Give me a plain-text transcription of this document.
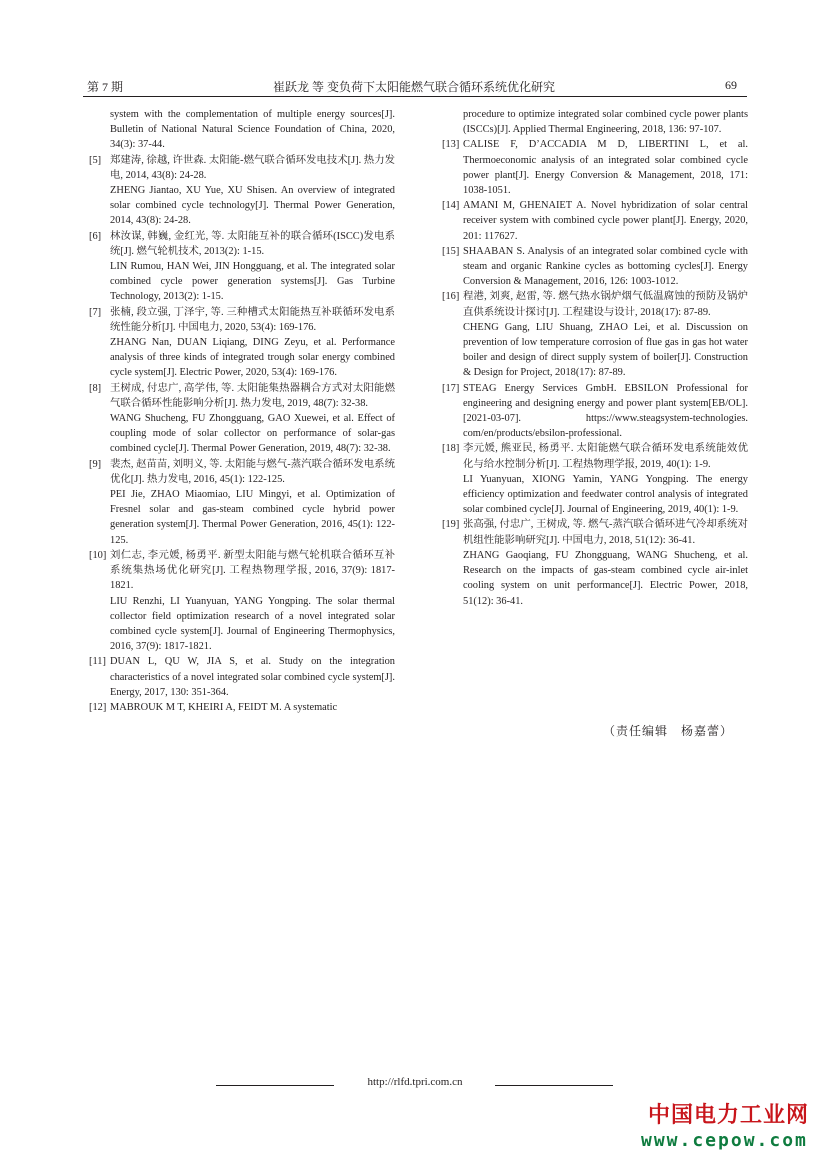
第 7 期	崔跃龙 等 变负荷下太阳能燃气联合循环系统优化研究	69

system with the complementation of multiple energy sources[J]. Bulletin of National Natural Science Foundation of China, 2020, 34(3): 37-44.

[5] 郑建涛, 徐越, 许世森. 太阳能-燃气联合循环发电技术[J]. 热力发电, 2014, 43(8): 24-28.

ZHENG Jiantao, XU Yue, XU Shisen. An overview of integrated solar combined cycle technology[J]. Thermal Power Generation, 2014, 43(8): 24-28.

[6] 林汝谋, 韩巍, 金红光, 等. 太阳能互补的联合循环(ISCC)发电系统[J]. 燃气轮机技术, 2013(2): 1-15.

LIN Rumou, HAN Wei, JIN Hongguang, et al. The integrated solar combined cycle power generation systems[J]. Gas Turbine Technology, 2013(2): 1-15.

[7] 张楠, 段立强, 丁泽宇, 等. 三种槽式太阳能热互补联循环发电系统性能分析[J]. 中国电力, 2020, 53(4): 169-176.

ZHANG Nan, DUAN Liqiang, DING Zeyu, et al. Performance analysis of three kinds of integrated trough solar energy combined cycle system[J]. Electric Power, 2020, 53(4): 169-176.

[8] 王树成, 付忠广, 高学伟, 等. 太阳能集热器耦合方式对太阳能燃气联合循环性能影响分析[J]. 热力发电, 2019, 48(7): 32-38.

WANG Shucheng, FU Zhongguang, GAO Xuewei, et al. Effect of coupling mode of solar collector on performance of solar-gas combined cycle[J]. Thermal Power Generation, 2019, 48(7): 32-38.

[9] 裴杰, 赵苗苗, 刘明义, 等. 太阳能与燃气-蒸汽联合循环发电系统优化[J]. 热力发电, 2016, 45(1): 122-125.

PEI Jie, ZHAO Miaomiao, LIU Mingyi, et al. Optimization of Fresnel solar and gas-steam combined cycle hybrid power generation system[J]. Thermal Power Generation, 2016, 45(1): 122-125.

[10] 刘仁志, 李元媛, 杨勇平. 新型太阳能与燃气轮机联合循环互补系统集热场优化研究[J]. 工程热物理学报, 2016, 37(9): 1817-1821.

LIU Renzhi, LI Yuanyuan, YANG Yongping. The solar thermal collector field optimization research of a novel integrated solar combined cycle system[J]. Journal of Engineering Thermophysics, 2016, 37(9): 1817-1821.

[11] DUAN L, QU W, JIA S, et al. Study on the integration characteristics of a novel integrated solar combined cycle system[J]. Energy, 2017, 130: 351-364.

[12] MABROUK M T, KHEIRI A, FEIDT M. A systematic

procedure to optimize integrated solar combined cycle power plants (ISCCs)[J]. Applied Thermal Engineering, 2018, 136: 97-107.

[13] CALISE F, D’ACCADIA M D, LIBERTINI L, et al. Thermoeconomic analysis of an integrated solar combined cycle power plant[J]. Energy Conversion & Management, 2018, 171: 1038-1051.

[14] AMANI M, GHENAIET A. Novel hybridization of solar central receiver system with combined cycle power plant[J]. Energy, 2020, 201: 117627.

[15] SHAABAN S. Analysis of an integrated solar combined cycle with steam and organic Rankine cycles as bottoming cycles[J]. Energy Conversion & Management, 2016, 126: 1003-1012.

[16] 程港, 刘爽, 赵雷, 等. 燃气热水锅炉烟气低温腐蚀的预防及锅炉直供系统设计探讨[J]. 工程建设与设计, 2018(17): 87-89.

CHENG Gang, LIU Shuang, ZHAO Lei, et al. Discussion on prevention of low temperature corrosion of flue gas in gas hot water boiler and design of direct supply system of boiler[J]. Construction & Design for Project, 2018(17): 87-89.

[17] STEAG Energy Services GmbH. EBSILON Professional for engineering and designing energy and power plant system[EB/OL]. [2021-03-07]. https://www.steagsystem-technologies. com/en/products/ebsilon-professional.

[18] 李元媛, 熊亚民, 杨勇平. 太阳能燃气联合循环发电系统能效优化与给水控制分析[J]. 工程热物理学报, 2019, 40(1): 1-9.

LI Yuanyuan, XIONG Yamin, YANG Yongping. The energy efficiency optimization and feedwater control analysis of integrated solar combined cycle[J]. Journal of Engineering, 2019, 40(1): 1-9.

[19] 张高强, 付忠广, 王树成, 等. 燃气-蒸汽联合循环进气冷却系统对机组性能影响研究[J]. 中国电力, 2018, 51(12): 36-41.

ZHANG Gaoqiang, FU Zhongguang, WANG Shucheng, et al. Research on the impacts of gas-steam combined cycle air-inlet cooling system on unit performance[J]. Electric Power, 2018, 51(12): 36-41.

（责任编辑　杨嘉蕾）
http://rlfd.tpri.com.cn
中国电力工业网
www.cepow.com
